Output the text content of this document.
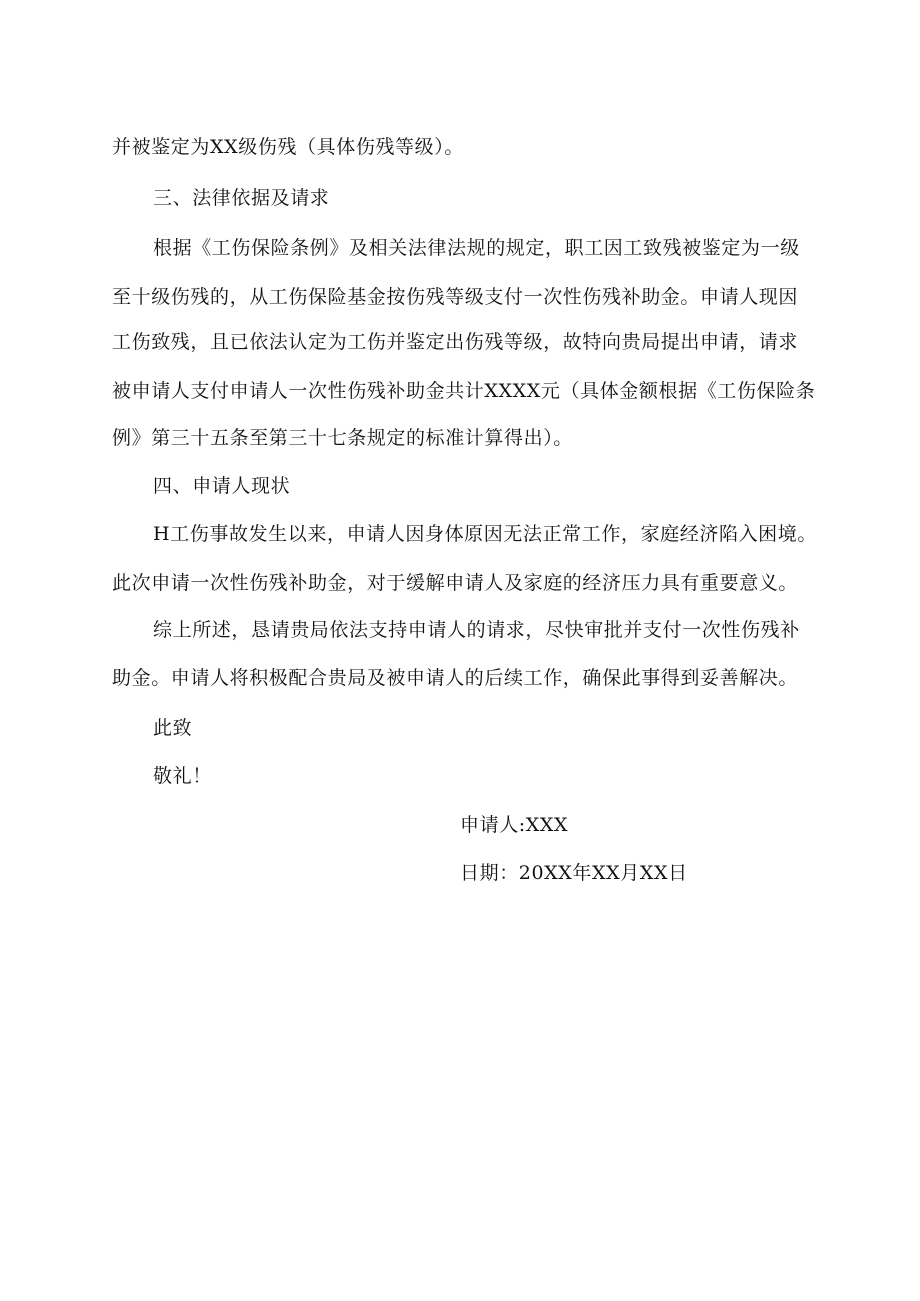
并被鉴定为XX级伤残（具体伤残等级）。
三、法律依据及请求
根据《工伤保险条例》及相关法律法规的规定，职工因工致残被鉴定为一级
至十级伤残的，从工伤保险基金按伤残等级支付一次性伤残补助金。申请人现因
工伤致残，且已依法认定为工伤并鉴定出伤残等级，故特向贵局提出申请，请求
被申请人支付申请人一次性伤残补助金共计XXXX元（具体金额根据《工伤保险条
例》第三十五条至第三十七条规定的标准计算得出）。
四、申请人现状
H工伤事故发生以来，申请人因身体原因无法正常工作，家庭经济陷入困境。
此次申请一次性伤残补助金，对于缓解申请人及家庭的经济压力具有重要意义。
综上所述，恳请贵局依法支持申请人的请求，尽快审批并支付一次性伤残补
助金。申请人将积极配合贵局及被申请人的后续工作，确保此事得到妥善解决。
此致
敬礼！
申请人:XXX
日期：20XX年XX月XX日
